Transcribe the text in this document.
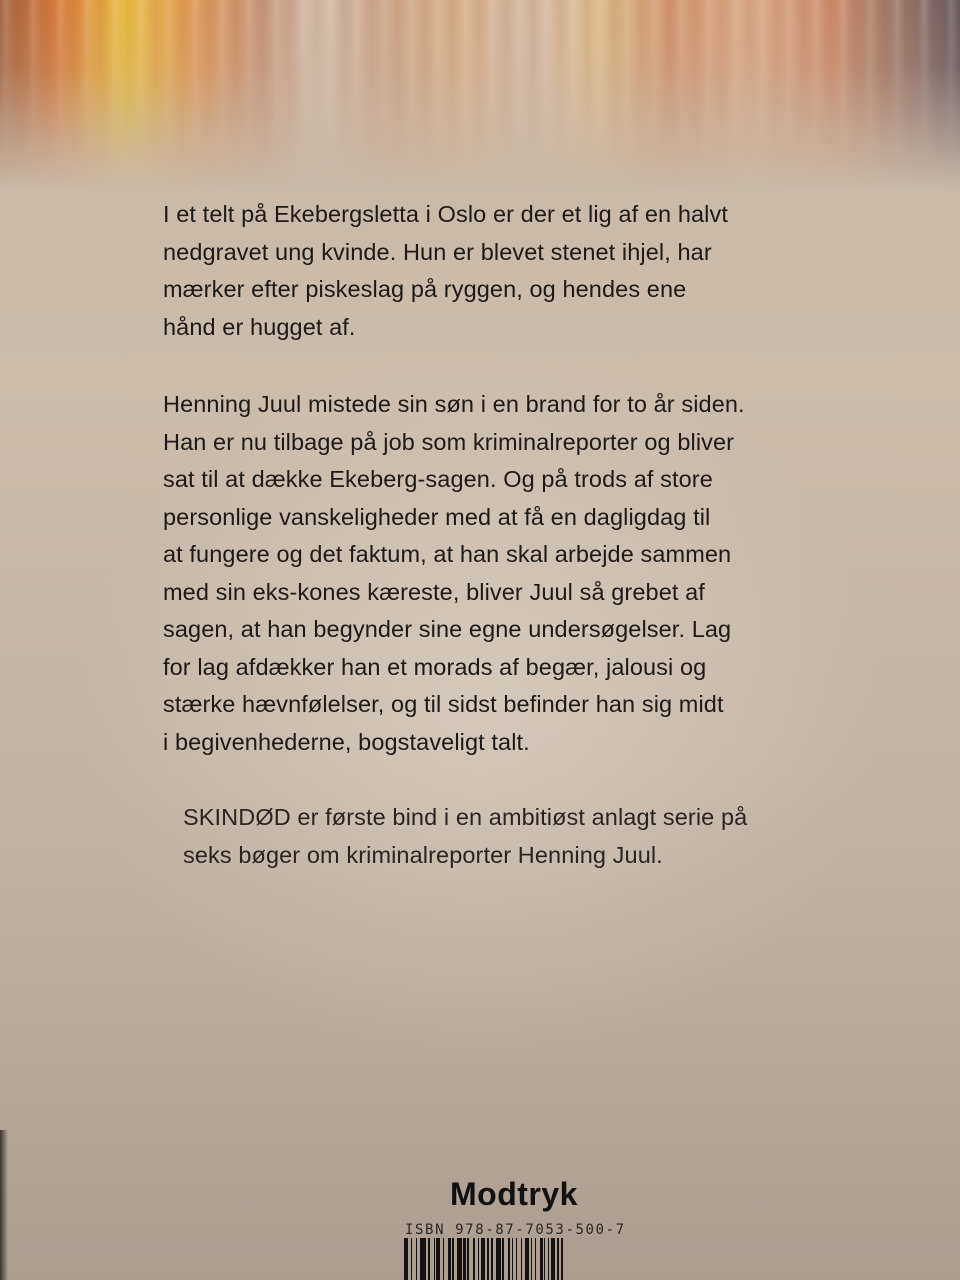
I et telt på Ekebergsletta i Oslo er der et lig af en halvt
nedgravet ung kvinde. Hun er blevet stenet ihjel, har
mærker efter piskeslag på ryggen, og hendes ene
hånd er hugget af.

Henning Juul mistede sin søn i en brand for to år siden.
Han er nu tilbage på job som kriminalreporter og bliver
sat til at dække Ekeberg-sagen. Og på trods af store
personlige vanskeligheder med at få en dagligdag til
at fungere og det faktum, at han skal arbejde sammen
med sin eks-kones kæreste, bliver Juul så grebet af
sagen, at han begynder sine egne undersøgelser. Lag
for lag afdækker han et morads af begær, jalousi og
stærke hævnfølelser, og til sidst befinder han sig midt
i begivenhederne, bogstaveligt talt.

SKINDØD er første bind i en ambitiøst anlagt serie på
seks bøger om kriminalreporter Henning Juul.

Modtryk
ISBN 978-87-7053-500-7
